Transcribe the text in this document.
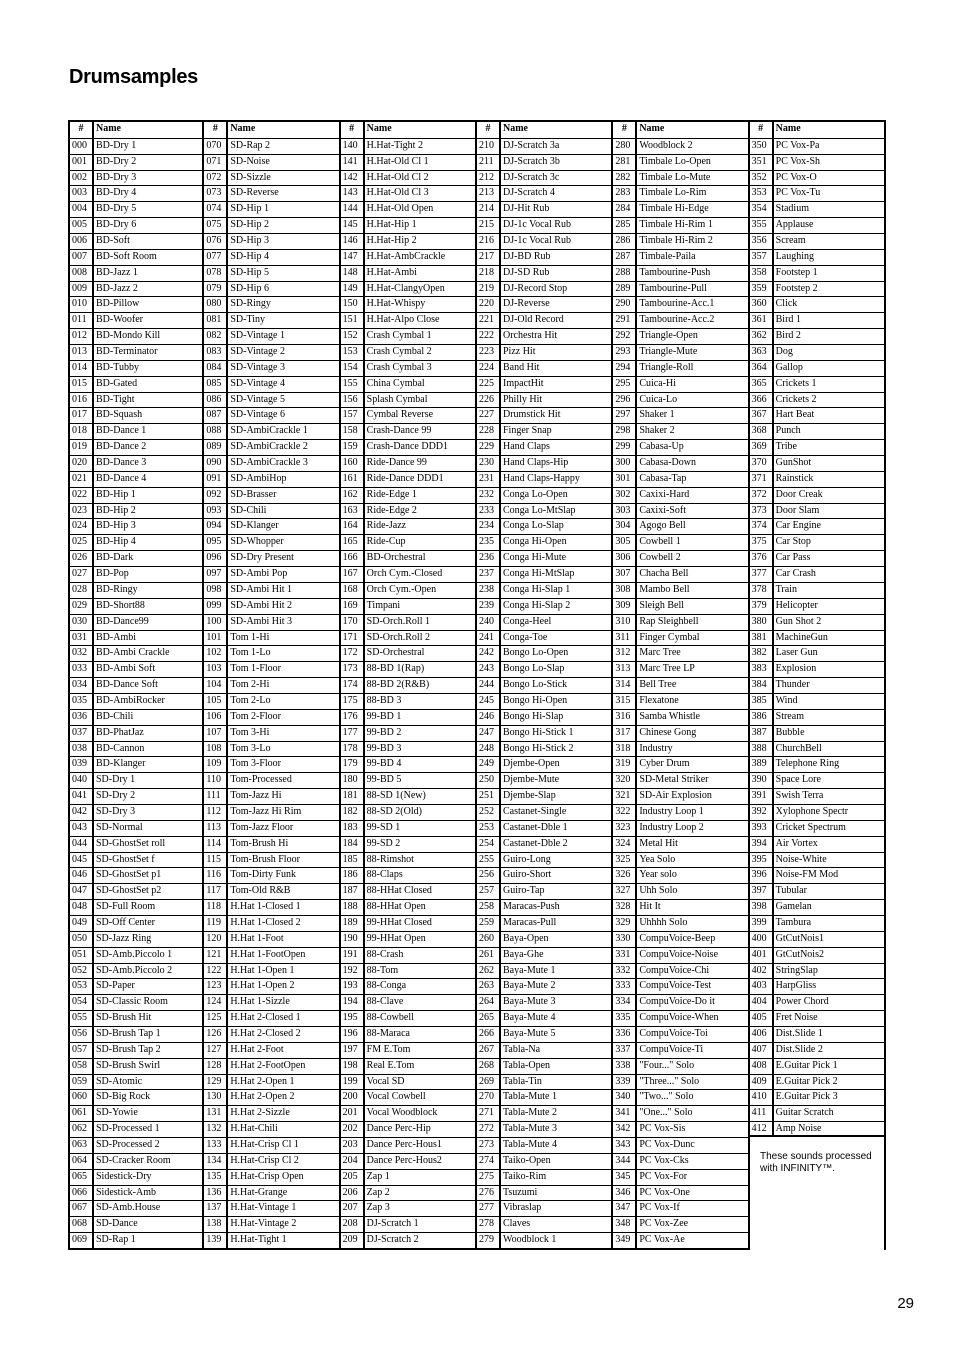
Drumsamples
#	Name
000 BD-Dry 1
001 BD-Dry 2
002 BD-Dry 3
003 BD-Dry 4
004 BD-Dry 5
005 BD-Dry 6
006 BD-Soft
007 BD-Soft Room
008 BD-Jazz 1
009 BD-Jazz 2
010 BD-Pillow
011 BD-Woofer
012 BD-Mondo Kill
013 BD-Terminator
014 BD-Tubby
015 BD-Gated
016 BD-Tight
017 BD-Squash
018 BD-Dance 1
019 BD-Dance 2
020 BD-Dance 3
021 BD-Dance 4
022 BD-Hip 1
023 BD-Hip 2
024 BD-Hip 3
025 BD-Hip 4
026 BD-Dark
027 BD-Pop
028 BD-Ringy
029 BD-Short88
030 BD-Dance99
031 BD-Ambi
032 BD-Ambi Crackle
033 BD-Ambi Soft
034 BD-Dance Soft
035 BD-AmbiRocker
036 BD-Chili
037 BD-PhatJaz
038 BD-Cannon
039 BD-Klanger
040 SD-Dry 1
041 SD-Dry 2
042 SD-Dry 3
043 SD-Normal
044 SD-GhostSet roll
045 SD-GhostSet f
046 SD-GhostSet p1
047 SD-GhostSet p2
048 SD-Full Room
049 SD-Off Center
050 SD-Jazz Ring
051 SD-Amb.Piccolo 1
052 SD-Amb.Piccolo 2
053 SD-Paper
054 SD-Classic Room
055 SD-Brush Hit
056 SD-Brush Tap 1
057 SD-Brush Tap 2
058 SD-Brush Swirl
059 SD-Atomic
060 SD-Big Rock
061 SD-Yowie
062 SD-Processed 1
063 SD-Processed 2
064 SD-Cracker Room
065 Sidestick-Dry
066 Sidestick-Amb
067 SD-Amb.House
068 SD-Dance
069 SD-Rap 1
#	Name
070 SD-Rap 2
071 SD-Noise
072 SD-Sizzle
073 SD-Reverse
074 SD-Hip 1
075 SD-Hip 2
076 SD-Hip 3
077 SD-Hip 4
078 SD-Hip 5
079 SD-Hip 6
080 SD-Ringy
081 SD-Tiny
082 SD-Vintage 1
083 SD-Vintage 2
084 SD-Vintage 3
085 SD-Vintage 4
086 SD-Vintage 5
087 SD-Vintage 6
088 SD-AmbiCrackle 1
089 SD-AmbiCrackle 2
090 SD-AmbiCrackle 3
091 SD-AmbiHop
092 SD-Brasser
093 SD-Chili
094 SD-Klanger
095 SD-Whopper
096 SD-Dry Present
097 SD-Ambi Pop
098 SD-Ambi Hit 1
099 SD-Ambi Hit 2
100 SD-Ambi Hit 3
101 Tom 1-Hi
102 Tom 1-Lo
103 Tom 1-Floor
104 Tom 2-Hi
105 Tom 2-Lo
106 Tom 2-Floor
107 Tom 3-Hi
108 Tom 3-Lo
109 Tom 3-Floor
110 Tom-Processed
111 Tom-Jazz Hi
112 Tom-Jazz Hi Rim
113 Tom-Jazz Floor
114 Tom-Brush Hi
115 Tom-Brush Floor
116 Tom-Dirty Funk
117 Tom-Old R&B
118 H.Hat 1-Closed 1
119 H.Hat 1-Closed 2
120 H.Hat 1-Foot
121 H.Hat 1-FootOpen
122 H.Hat 1-Open 1
123 H.Hat 1-Open 2
124 H.Hat 1-Sizzle
125 H.Hat 2-Closed 1
126 H.Hat 2-Closed 2
127 H.Hat 2-Foot
128 H.Hat 2-FootOpen
129 H.Hat 2-Open 1
130 H.Hat 2-Open 2
131 H.Hat 2-Sizzle
132 H.Hat-Chili
133 H.Hat-Crisp Cl 1
134 H.Hat-Crisp Cl 2
135 H.Hat-Crisp Open
136 H.Hat-Grange
137 H.Hat-Vintage 1
138 H.Hat-Vintage 2
139 H.Hat-Tight 1
#	Name
140 H.Hat-Tight 2
141 H.Hat-Old Cl 1
142 H.Hat-Old Cl 2
143 H.Hat-Old Cl 3
144 H.Hat-Old Open
145 H.Hat-Hip 1
146 H.Hat-Hip 2
147 H.Hat-AmbCrackle
148 H.Hat-Ambi
149 H.Hat-ClangyOpen
150 H.Hat-Whispy
151 H.Hat-Alpo Close
152 Crash Cymbal 1
153 Crash Cymbal 2
154 Crash Cymbal 3
155 China Cymbal
156 Splash Cymbal
157 Cymbal Reverse
158 Crash-Dance 99
159 Crash-Dance DDD1
160 Ride-Dance 99
161 Ride-Dance DDD1
162 Ride-Edge 1
163 Ride-Edge 2
164 Ride-Jazz
165 Ride-Cup
166 BD-Orchestral
167 Orch Cym.-Closed
168 Orch Cym.-Open
169 Timpani
170 SD-Orch.Roll 1
171 SD-Orch.Roll 2
172 SD-Orchestral
173 88-BD 1(Rap)
174 88-BD 2(R&B)
175 88-BD 3
176 99-BD 1
177 99-BD 2
178 99-BD 3
179 99-BD 4
180 99-BD 5
181 88-SD 1(New)
182 88-SD 2(Old)
183 99-SD 1
184 99-SD 2
185 88-Rimshot
186 88-Claps
187 88-HHat Closed
188 88-HHat Open
189 99-HHat Closed
190 99-HHat Open
191 88-Crash
192 88-Tom
193 88-Conga
194 88-Clave
195 88-Cowbell
196 88-Maraca
197 FM E.Tom
198 Real E.Tom
199 Vocal SD
200 Vocal Cowbell
201 Vocal Woodblock
202 Dance Perc-Hip
203 Dance Perc-Hous1
204 Dance Perc-Hous2
205 Zap 1
206 Zap 2
207 Zap 3
208 DJ-Scratch 1
209 DJ-Scratch 2
#	Name
210 DJ-Scratch 3a
211 DJ-Scratch 3b
212 DJ-Scratch 3c
213 DJ-Scratch 4
214 DJ-Hit Rub
215 DJ-1c Vocal Rub
216 DJ-1c Vocal Rub
217 DJ-BD Rub
218 DJ-SD Rub
219 DJ-Record Stop
220 DJ-Reverse
221 DJ-Old Record
222 Orchestra Hit
223 Pizz Hit
224 Band Hit
225 ImpactHit
226 Philly Hit
227 Drumstick Hit
228 Finger Snap
229 Hand Claps
230 Hand Claps-Hip
231 Hand Claps-Happy
232 Conga Lo-Open
233 Conga Lo-MtSlap
234 Conga Lo-Slap
235 Conga Hi-Open
236 Conga Hi-Mute
237 Conga Hi-MtSlap
238 Conga Hi-Slap 1
239 Conga Hi-Slap 2
240 Conga-Heel
241 Conga-Toe
242 Bongo Lo-Open
243 Bongo Lo-Slap
244 Bongo Lo-Stick
245 Bongo Hi-Open
246 Bongo Hi-Slap
247 Bongo Hi-Stick 1
248 Bongo Hi-Stick 2
249 Djembe-Open
250 Djembe-Mute
251 Djembe-Slap
252 Castanet-Single
253 Castanet-Dble 1
254 Castanet-Dble 2
255 Guiro-Long
256 Guiro-Short
257 Guiro-Tap
258 Maracas-Push
259 Maracas-Pull
260 Baya-Open
261 Baya-Ghe
262 Baya-Mute 1
263 Baya-Mute 2
264 Baya-Mute 3
265 Baya-Mute 4
266 Baya-Mute 5
267 Tabla-Na
268 Tabla-Open
269 Tabla-Tin
270 Tabla-Mute 1
271 Tabla-Mute 2
272 Tabla-Mute 3
273 Tabla-Mute 4
274 Taiko-Open
275 Taiko-Rim
276 Tsuzumi
277 Vibraslap
278 Claves
279 Woodblock 1
#	Name
280 Woodblock 2
281 Timbale Lo-Open
282 Timbale Lo-Mute
283 Timbale Lo-Rim
284 Timbale Hi-Edge
285 Timbale Hi-Rim 1
286 Timbale Hi-Rim 2
287 Timbale-Paila
288 Tambourine-Push
289 Tambourine-Pull
290 Tambourine-Acc.1
291 Tambourine-Acc.2
292 Triangle-Open
293 Triangle-Mute
294 Triangle-Roll
295 Cuica-Hi
296 Cuica-Lo
297 Shaker 1
298 Shaker 2
299 Cabasa-Up
300 Cabasa-Down
301 Cabasa-Tap
302 Caxixi-Hard
303 Caxixi-Soft
304 Agogo Bell
305 Cowbell 1
306 Cowbell 2
307 Chacha Bell
308 Mambo Bell
309 Sleigh Bell
310 Rap Sleighbell
311 Finger Cymbal
312 Marc Tree
313 Marc Tree LP
314 Bell Tree
315 Flexatone
316 Samba Whistle
317 Chinese Gong
318 Industry
319 Cyber Drum
320 SD-Metal Striker
321 SD-Air Explosion
322 Industry Loop 1
323 Industry Loop 2
324 Metal Hit
325 Yea Solo
326 Year solo
327 Uhh Solo
328 Hit It
329 Uhhhh Solo
330 CompuVoice-Beep
331 CompuVoice-Noise
332 CompuVoice-Chi
333 CompuVoice-Test
334 CompuVoice-Do it
335 CompuVoice-When
336 CompuVoice-Toi
337 CompuVoice-Ti
338 "Four..." Solo
339 "Three..." Solo
340 "Two..." Solo
341 "One..." Solo
342 PC Vox-Sis
343 PC Vox-Dunc
344 PC Vox-Cks
345 PC Vox-For
346 PC Vox-One
347 PC Vox-If
348 PC Vox-Zee
349 PC Vox-Ae
#	Name
350 PC Vox-Pa
351 PC Vox-Sh
352 PC Vox-O
353 PC Vox-Tu
354 Stadium
355 Applause
356 Scream
357 Laughing
358 Footstep 1
359 Footstep 2
360 Click
361 Bird 1
362 Bird 2
363 Dog
364 Gallop
365 Crickets 1
366 Crickets 2
367 Hart Beat
368 Punch
369 Tribe
370 GunShot
371 Rainstick
372 Door Creak
373 Door Slam
374 Car Engine
375 Car Stop
376 Car Pass
377 Car Crash
378 Train
379 Helicopter
380 Gun Shot 2
381 MachineGun
382 Laser Gun
383 Explosion
384 Thunder
385 Wind
386 Stream
387 Bubble
388 ChurchBell
389 Telephone Ring
390 Space Lore
391 Swish Terra
392 Xylophone Spectr
393 Cricket Spectrum
394 Air Vortex
395 Noise-White
396 Noise-FM Mod
397 Tubular
398 Gamelan
399 Tambura
400 GtCutNois1
401 GtCutNois2
402 StringSlap
403 HarpGliss
404 Power Chord
405 Fret Noise
406 Dist.Slide 1
407 Dist.Slide 2
408 E.Guitar Pick 1
409 E.Guitar Pick 2
410 E.Guitar Pick 3
411 Guitar Scratch
412 Amp Noise
These sounds processed with INFINITY™.
29
